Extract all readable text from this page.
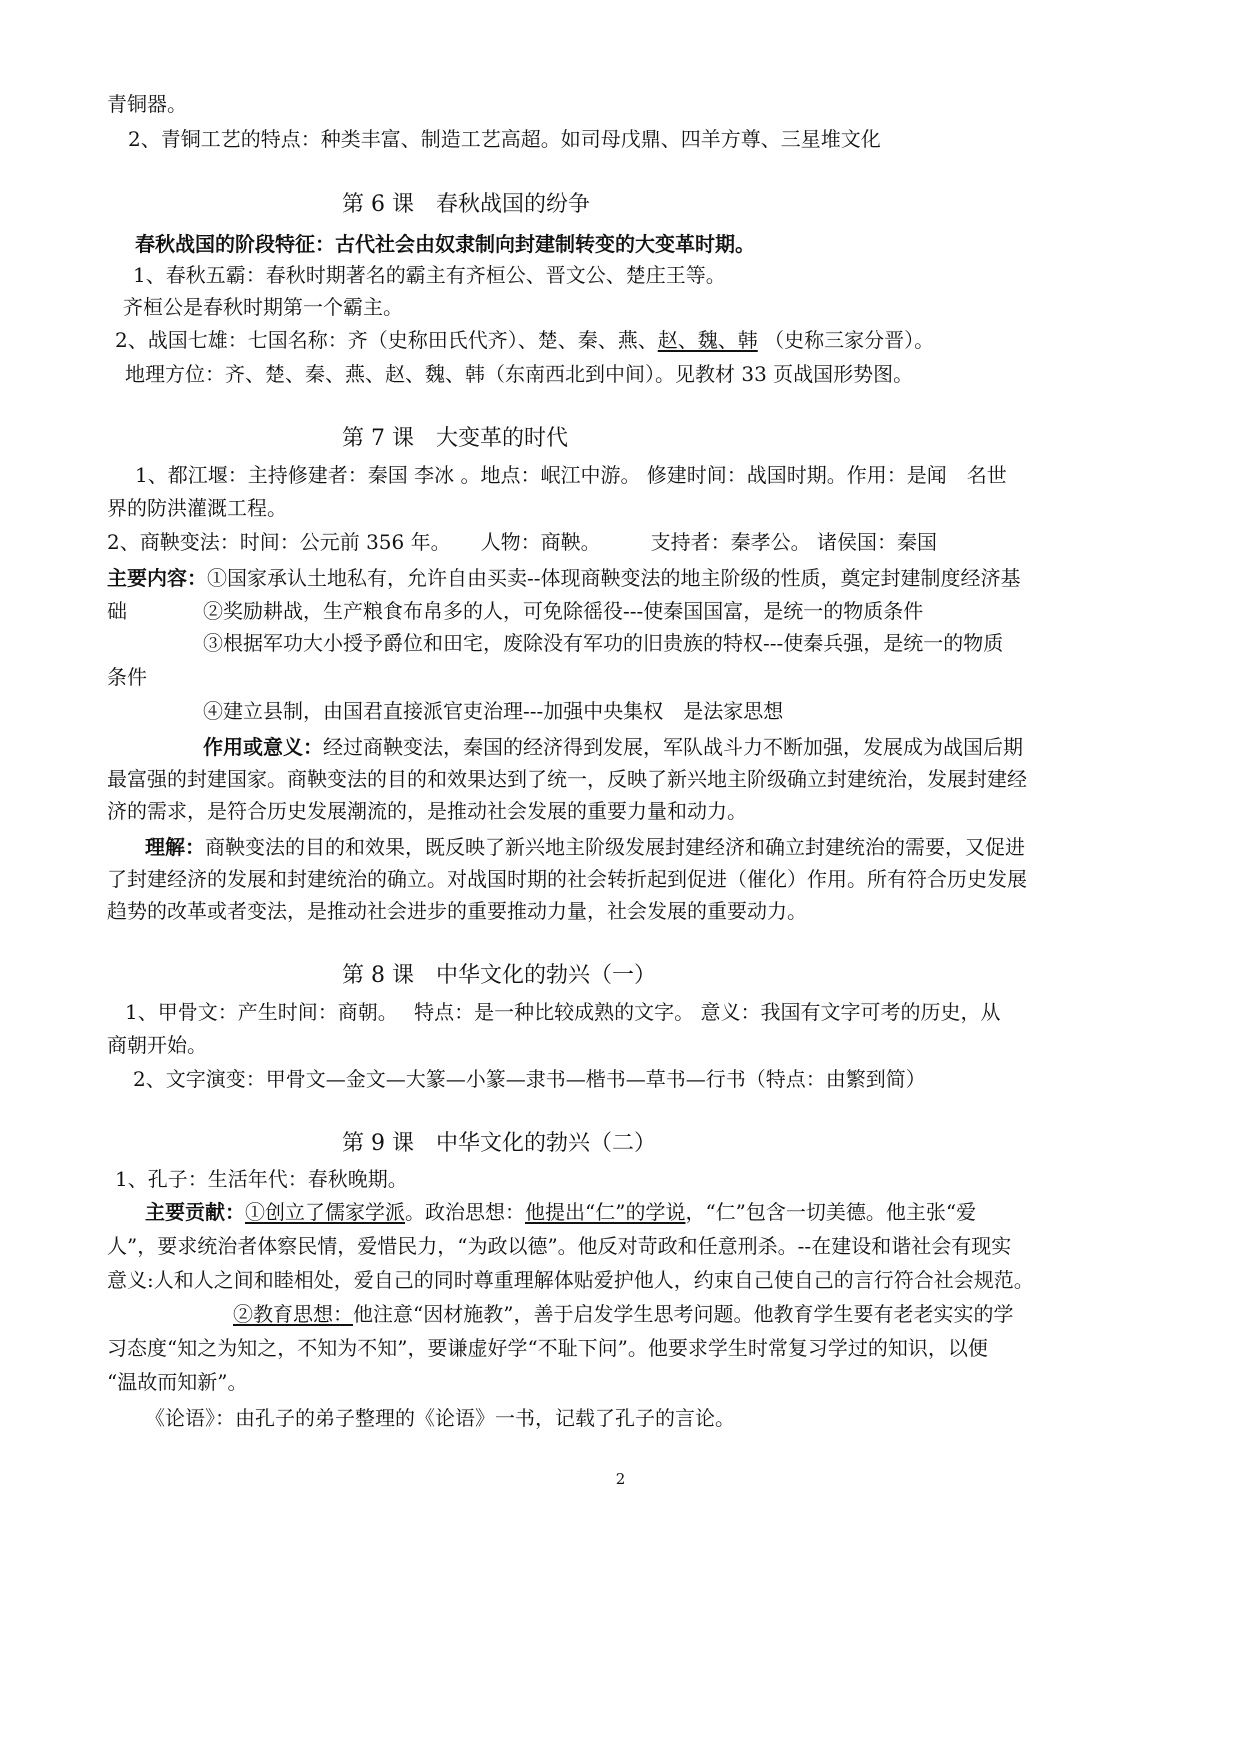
青铜器。
2、青铜工艺的特点：种类丰富、制造工艺高超。如司母戊鼎、四羊方尊、三星堆文化
第 6 课　春秋战国的纷争
春秋战国的阶段特征：古代社会由奴隶制向封建制转变的大变革时期。
1、春秋五霸：春秋时期著名的霸主有齐桓公、晋文公、楚庄王等。
齐桓公是春秋时期第一个霸主。
2、战国七雄：七国名称：齐（史称田氏代齐）、楚、秦、燕、赵、魏、韩 （史称三家分晋）。
地理方位：齐、楚、秦、燕、赵、魏、韩（东南西北到中间）。见教材 33 页战国形势图。
第 7 课　大变革的时代
1、都江堰：主持修建者：秦国 李冰 。地点：岷江中游。 修建时间：战国时期。作用：是闻　名世
界的防洪灌溉工程。
2、商鞅变法：时间：公元前 356 年。　　人物：商鞅。　　　支持者：秦孝公。 诸侯国：秦国
主要内容：①国家承认土地私有，允许自由买卖--体现商鞅变法的地主阶级的性质，奠定封建制度经济基
础	②奖励耕战，生产粮食布帛多的人，可免除徭役---使秦国国富，是统一的物质条件
③根据军功大小授予爵位和田宅，废除没有军功的旧贵族的特权---使秦兵强，是统一的物质
条件
④建立县制，由国君直接派官吏治理---加强中央集权　是法家思想
作用或意义：经过商鞅变法，秦国的经济得到发展，军队战斗力不断加强，发展成为战国后期
最富强的封建国家。商鞅变法的目的和效果达到了统一，反映了新兴地主阶级确立封建统治，发展封建经
济的需求，是符合历史发展潮流的，是推动社会发展的重要力量和动力。
理解：商鞅变法的目的和效果，既反映了新兴地主阶级发展封建经济和确立封建统治的需要，又促进
了封建经济的发展和封建统治的确立。对战国时期的社会转折起到促进（催化）作用。所有符合历史发展
趋势的改革或者变法，是推动社会进步的重要推动力量，社会发展的重要动力。
第 8 课　中华文化的勃兴（一）
1、甲骨文：产生时间：商朝。　 特点：是一种比较成熟的文字。 意义：我国有文字可考的历史，从
商朝开始。
2、文字演变：甲骨文—金文—大篆—小篆—隶书—楷书—草书—行书（特点：由繁到简）
第 9 课　中华文化的勃兴（二）
1、孔子：生活年代：春秋晚期。
主要贡献：①创立了儒家学派。政治思想：他提出“仁”的学说，“仁”包含一切美德。他主张“爱
人”，要求统治者体察民情，爱惜民力，“为政以德”。他反对苛政和任意刑杀。--在建设和谐社会有现实
意义:人和人之间和睦相处，爱自己的同时尊重理解体贴爱护他人，约束自己使自己的言行符合社会规范。
②教育思想：他注意“因材施教”，善于启发学生思考问题。他教育学生要有老老实实的学
习态度“知之为知之，不知为不知”，要谦虚好学“不耻下问”。他要求学生时常复习学过的知识，以便
“温故而知新”。
《论语》：由孔子的弟子整理的《论语》一书，记载了孔子的言论。
2
